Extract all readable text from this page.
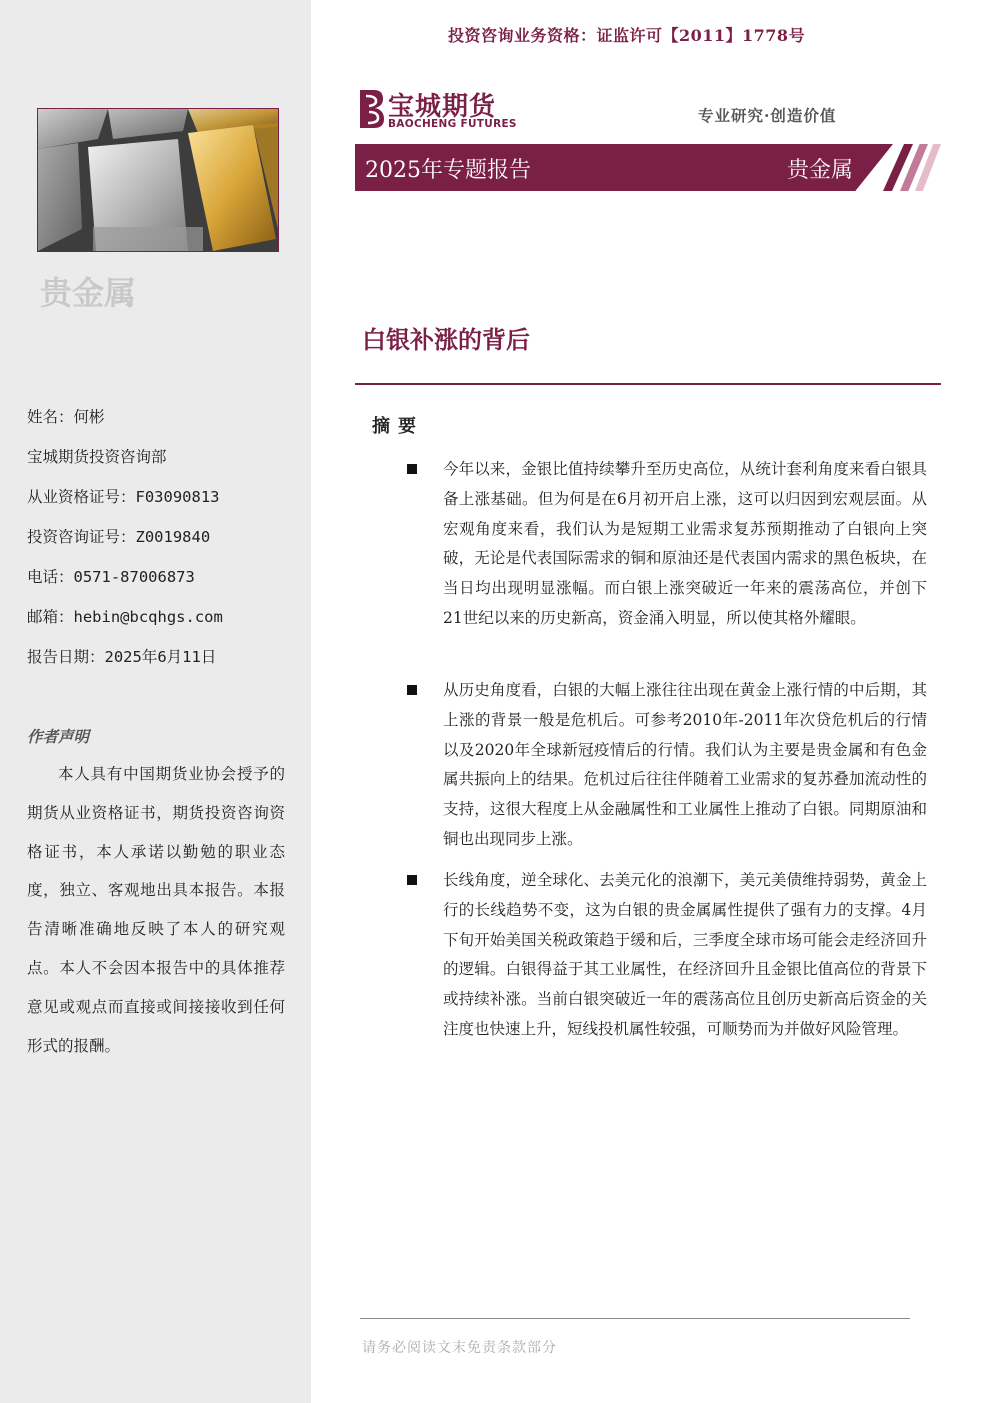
贵金属
姓名：何彬
宝城期货投资咨询部
从业资格证号：F03090813
投资咨询证号：Z0019840
电话：0571-87006873
邮箱：hebin@bcqhgs.com
报告日期：2025年6月11日
作者声明
本人具有中国期货业协会授予的期货从业资格证书，期货投资咨询资格证书，本人承诺以勤勉的职业态度，独立、客观地出具本报告。本报告清晰准确地反映了本人的研究观点。本人不会因本报告中的具体推荐意见或观点而直接或间接接收到任何形式的报酬。
投资咨询业务资格：证监许可【2011】1778号
宝城期货
BAOCHENG FUTURES	专业研究·创造价值
2025年专题报告	贵金属
白银补涨的背后
摘要
今年以来，金银比值持续攀升至历史高位，从统计套利角度来看白银具备上涨基础。但为何是在6月初开启上涨，这可以归因到宏观层面。从宏观角度来看，我们认为是短期工业需求复苏预期推动了白银向上突破，无论是代表国际需求的铜和原油还是代表国内需求的黑色板块，在当日均出现明显涨幅。而白银上涨突破近一年来的震荡高位，并创下21世纪以来的历史新高，资金涌入明显，所以使其格外耀眼。
从历史角度看，白银的大幅上涨往往出现在黄金上涨行情的中后期，其上涨的背景一般是危机后。可参考2010年-2011年次贷危机后的行情以及2020年全球新冠疫情后的行情。我们认为主要是贵金属和有色金属共振向上的结果。危机过后往往伴随着工业需求的复苏叠加流动性的支持，这很大程度上从金融属性和工业属性上推动了白银。同期原油和铜也出现同步上涨。
长线角度，逆全球化、去美元化的浪潮下，美元美债维持弱势，黄金上行的长线趋势不变，这为白银的贵金属属性提供了强有力的支撑。4月下旬开始美国关税政策趋于缓和后，三季度全球市场可能会走经济回升的逻辑。白银得益于其工业属性，在经济回升且金银比值高位的背景下或持续补涨。当前白银突破近一年的震荡高位且创历史新高后资金的关注度也快速上升，短线投机属性较强，可顺势而为并做好风险管理。
请务必阅读文末免责条款部分
